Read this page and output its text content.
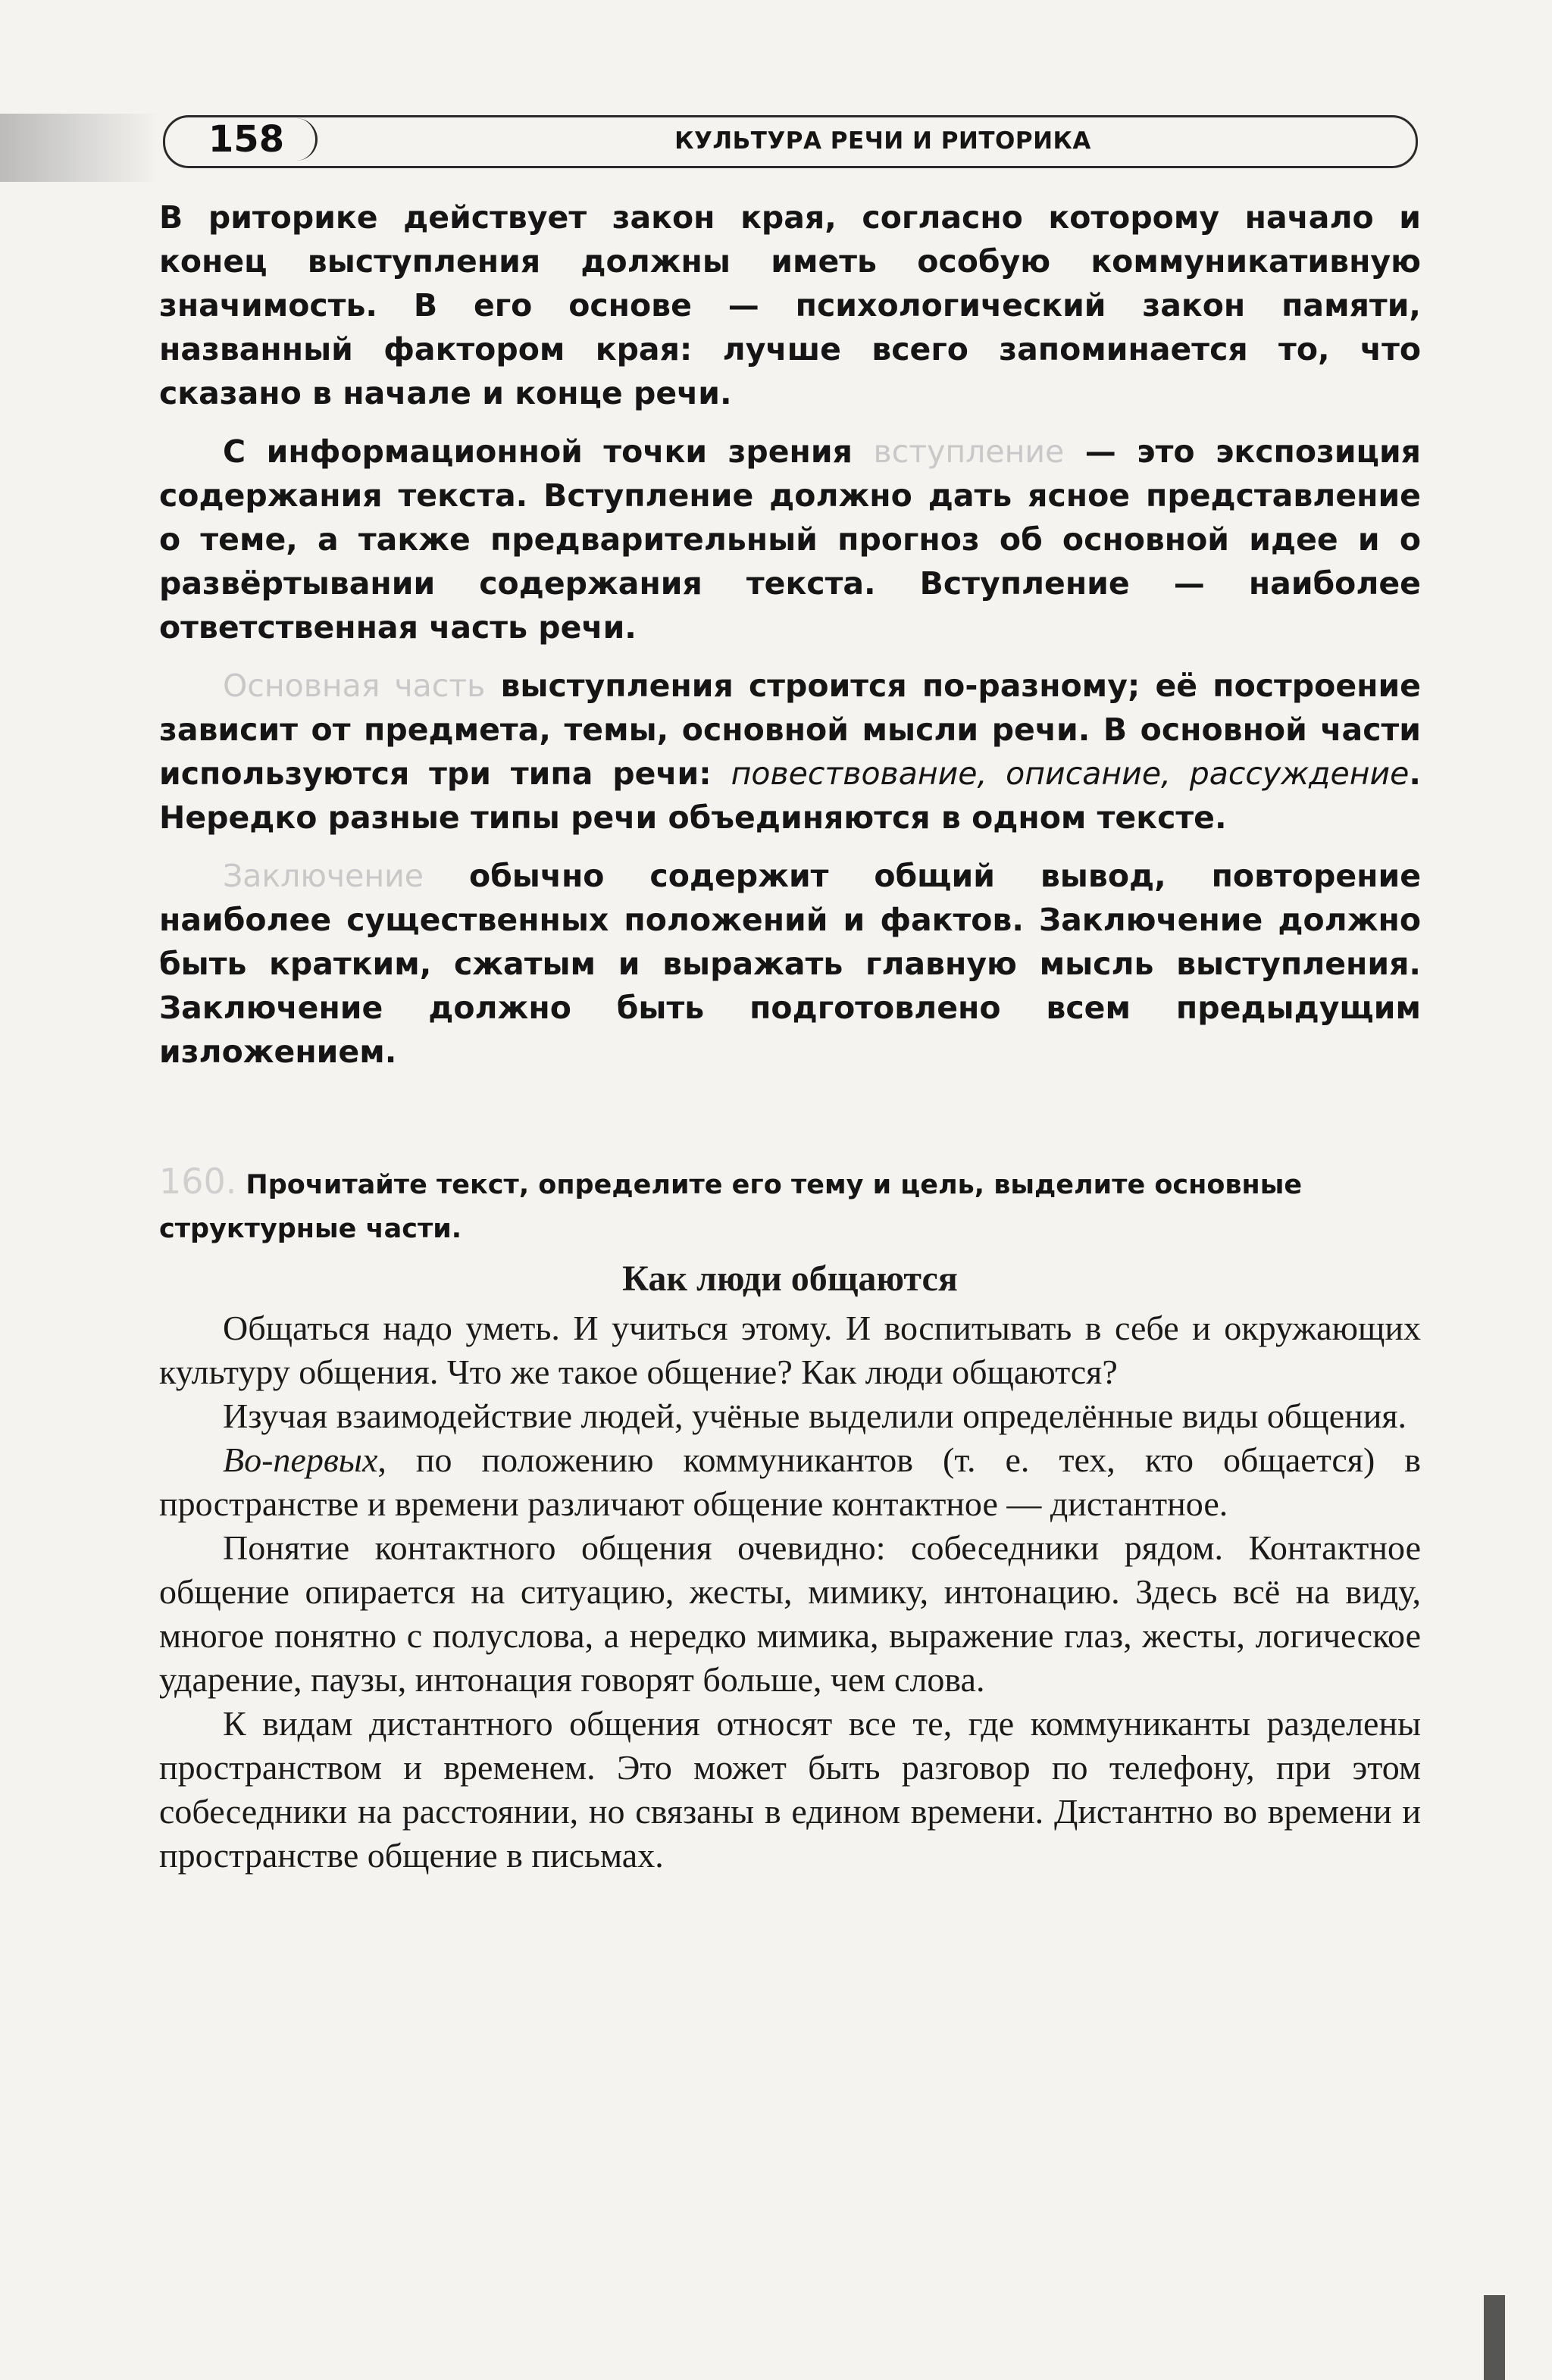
158	КУЛЬТУРА РЕЧИ И РИТОРИКА

В риторике действует закон края, согласно которому начало и конец выступления должны иметь особую коммуникативную значимость. В его основе — психологический закон памяти, названный фактором края: лучше всего запоминается то, что сказано в начале и конце речи.

С информационной точки зрения вступление — это экспозиция содержания текста. Вступление должно дать ясное представление о теме, а также предварительный прогноз об основной идее и о развёртывании содержания текста. Вступление — наиболее ответственная часть речи.

Основная часть выступления строится по-разному; её построение зависит от предмета, темы, основной мысли речи. В основной части используются три типа речи: повествование, описание, рассуждение. Нередко разные типы речи объединяются в одном тексте.

Заключение обычно содержит общий вывод, повторение наиболее существенных положений и фактов. Заключение должно быть кратким, сжатым и выражать главную мысль выступления. Заключение должно быть подготовлено всем предыдущим изложением.

160. Прочитайте текст, определите его тему и цель, выделите основные структурные части.
Как люди общаются

Общаться надо уметь. И учиться этому. И воспитывать в себе и окружающих культуру общения. Что же такое общение? Как люди общаются?

Изучая взаимодействие людей, учёные выделили определённые виды общения.

Во-первых, по положению коммуникантов (т. е. тех, кто общается) в пространстве и времени различают общение контактное — дистантное.

Понятие контактного общения очевидно: собеседники рядом. Контактное общение опирается на ситуацию, жесты, мимику, интонацию. Здесь всё на виду, многое понятно с полуслова, а нередко мимика, выражение глаз, жесты, логическое ударение, паузы, интонация говорят больше, чем слова.

К видам дистантного общения относят все те, где коммуниканты разделены пространством и временем. Это может быть разговор по телефону, при этом собеседники на расстоянии, но связаны в едином времени. Дистантно во времени и пространстве общение в письмах.
